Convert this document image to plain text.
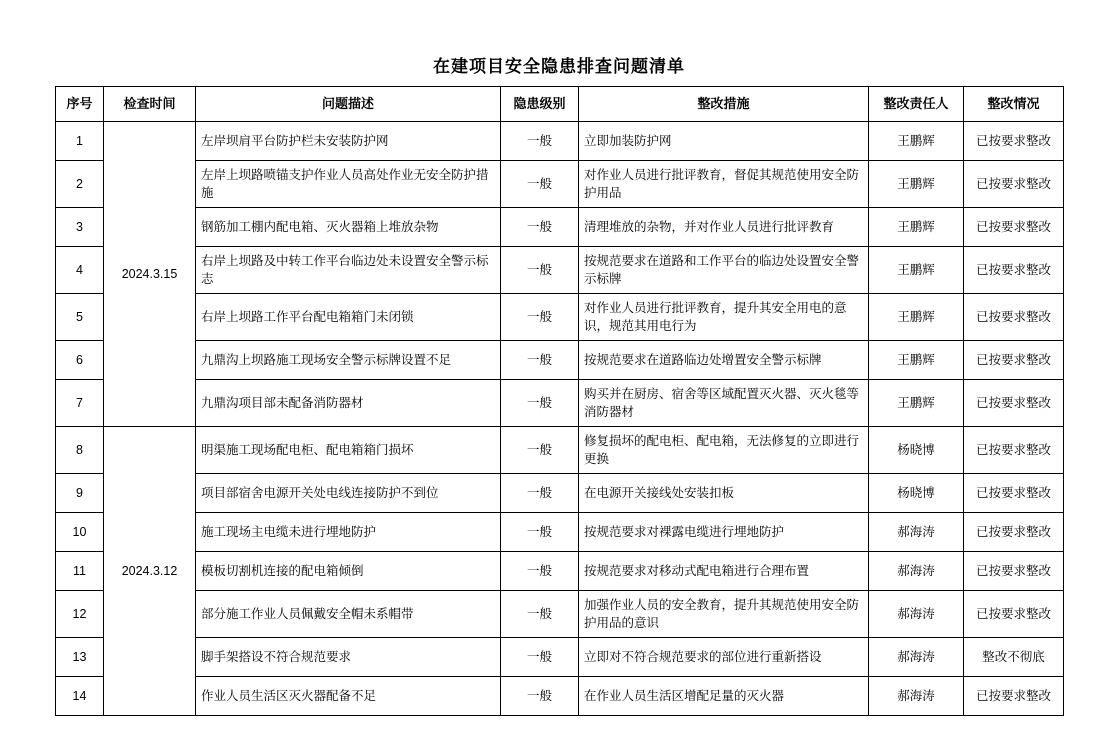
在建项目安全隐患排查问题清单
序号	检查时间	问题描述	隐患级别	整改措施	整改责任人	整改情况
1	2024.3.15	左岸坝肩平台防护栏未安装防护网	一般	立即加装防护网	王鹏辉	已按要求整改
2		左岸上坝路喷锚支护作业人员高处作业无安全防护措施	一般	对作业人员进行批评教育，督促其规范使用安全防护用品	王鹏辉	已按要求整改
3		钢筋加工棚内配电箱、灭火器箱上堆放杂物	一般	清理堆放的杂物，并对作业人员进行批评教育	王鹏辉	已按要求整改
4		右岸上坝路及中转工作平台临边处未设置安全警示标志	一般	按规范要求在道路和工作平台的临边处设置安全警示标牌	王鹏辉	已按要求整改
5		右岸上坝路工作平台配电箱箱门未闭锁	一般	对作业人员进行批评教育，提升其安全用电的意识，规范其用电行为	王鹏辉	已按要求整改
6		九鼎沟上坝路施工现场安全警示标牌设置不足	一般	按规范要求在道路临边处增置安全警示标牌	王鹏辉	已按要求整改
7		九鼎沟项目部未配备消防器材	一般	购买并在厨房、宿舍等区域配置灭火器、灭火毯等消防器材	王鹏辉	已按要求整改
8	2024.3.12	明渠施工现场配电柜、配电箱箱门损坏	一般	修复损坏的配电柜、配电箱，无法修复的立即进行更换	杨晓博	已按要求整改
9		项目部宿舍电源开关处电线连接防护不到位	一般	在电源开关接线处安装扣板	杨晓博	已按要求整改
10		施工现场主电缆未进行埋地防护	一般	按规范要求对裸露电缆进行埋地防护	郝海涛	已按要求整改
11		模板切割机连接的配电箱倾倒	一般	按规范要求对移动式配电箱进行合理布置	郝海涛	已按要求整改
12		部分施工作业人员佩戴安全帽未系帽带	一般	加强作业人员的安全教育，提升其规范使用安全防护用品的意识	郝海涛	已按要求整改
13		脚手架搭设不符合规范要求	一般	立即对不符合规范要求的部位进行重新搭设	郝海涛	整改不彻底
14		作业人员生活区灭火器配备不足	一般	在作业人员生活区增配足量的灭火器	郝海涛	已按要求整改
